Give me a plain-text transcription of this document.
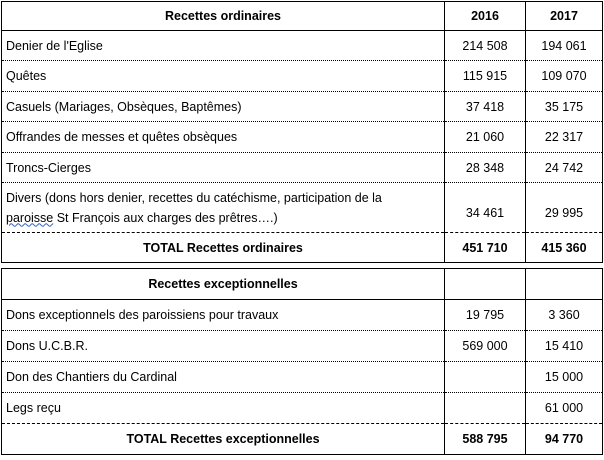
Recettes ordinaires	2016	2017
Denier de l'Eglise	214 508	194 061
Quêtes	115 915	109 070
Casuels (Mariages, Obsèques, Baptêmes)	37 418	35 175
Offrandes de messes et quêtes obsèques	21 060	22 317
Troncs-Cierges	28 348	24 742
Divers (dons hors denier, recettes du catéchisme, participation de la
paroisse St François aux charges des prêtres….)	34 461	29 995
TOTAL Recettes ordinaires	451 710	415 360
Recettes exceptionnelles		
Dons exceptionnels des paroissiens pour travaux	19 795	3 360
Dons U.C.B.R.	569 000	15 410
Don des Chantiers du Cardinal		15 000
Legs reçu		61 000
TOTAL Recettes exceptionnelles	588 795	94 770
